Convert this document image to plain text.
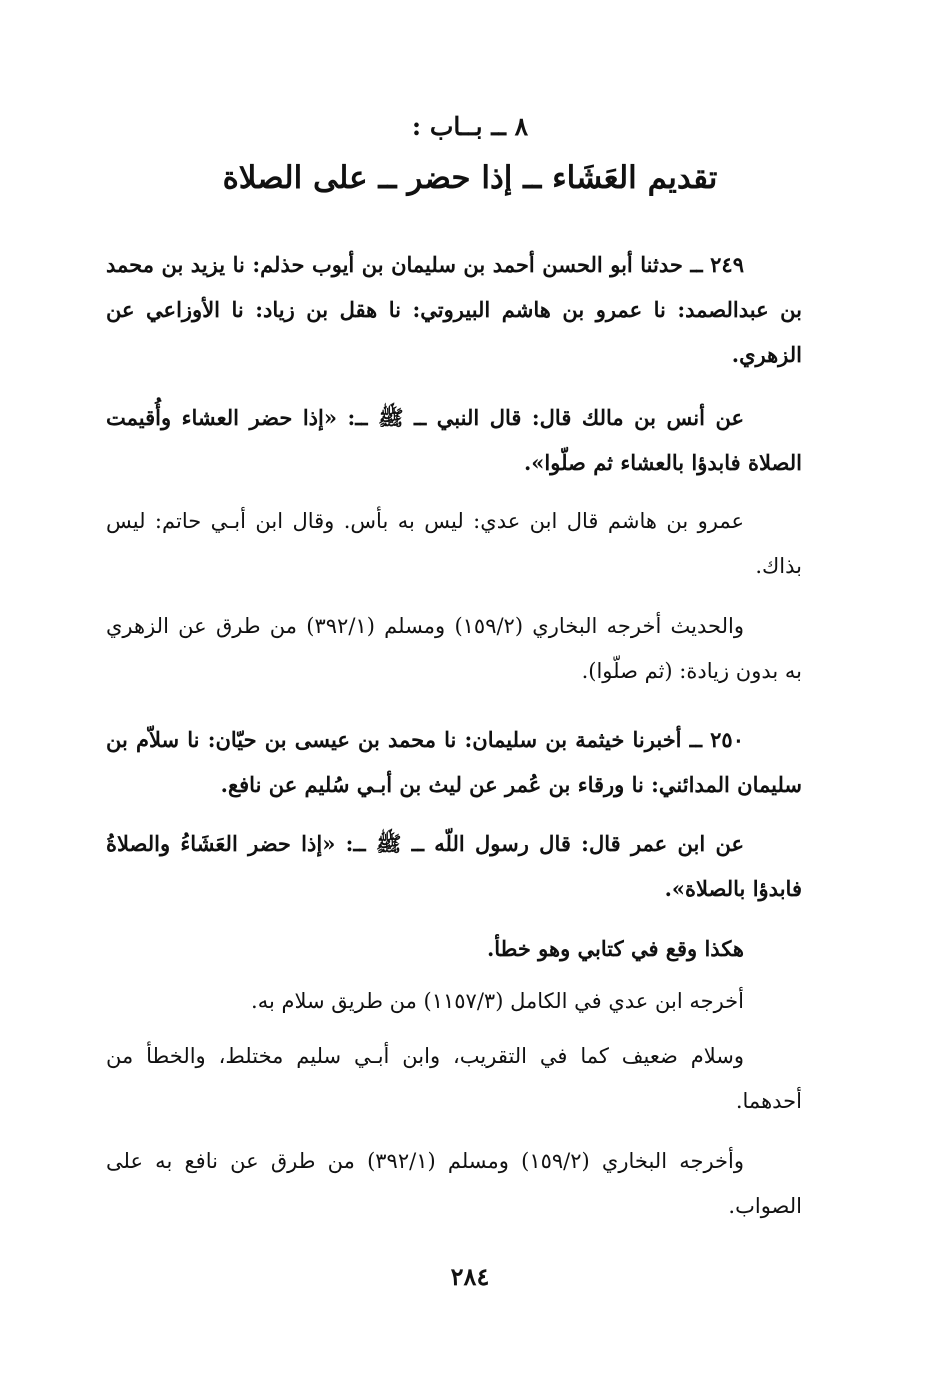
٨ ــ بــاب :
تقديم العَشَاء ــ إذا حضر ــ على الصلاة
٢٤٩ ــ حدثنا أبو الحسن أحمد بن سليمان بن أيوب حذلم: نا يزيد بن محمد بن عبدالصمد: نا عمرو بن هاشم البيروتي: نا هقل بن زياد: نا الأوزاعي عن الزهري.
عن أنس بن مالك قال: قال النبي ــ ﷺ ــ: «إذا حضر العشاء وأُقيمت الصلاة فابدؤا بالعشاء ثم صلّوا».
عمرو بن هاشم قال ابن عدي: ليس به بأس. وقال ابن أبـي حاتم: ليس بذاك.
والحديث أخرجه البخاري (١٥٩/٢) ومسلم (٣٩٢/١) من طرق عن الزهري به بدون زيادة: (ثم صلّوا).
٢٥٠ ــ أخبرنا خيثمة بن سليمان: نا محمد بن عيسى بن حيّان: نا سلاّم بن سليمان المدائني: نا ورقاء بن عُمر عن ليث بن أبـي سُليم عن نافع.
عن ابن عمر قال: قال رسول اللّه ــ ﷺ ــ: «إذا حضر العَشَاءُ والصلاةُ فابدؤا بالصلاة».
هكذا وقع في كتابي وهو خطأ.
أخرجه ابن عدي في الكامل (١١٥٧/٣) من طريق سلام به.
وسلام ضعيف كما في التقريب، وابن أبـي سليم مختلط، والخطأ من أحدهما.
وأخرجه البخاري (١٥٩/٢) ومسلم (٣٩٢/١) من طرق عن نافع به على الصواب.
٢٨٤
